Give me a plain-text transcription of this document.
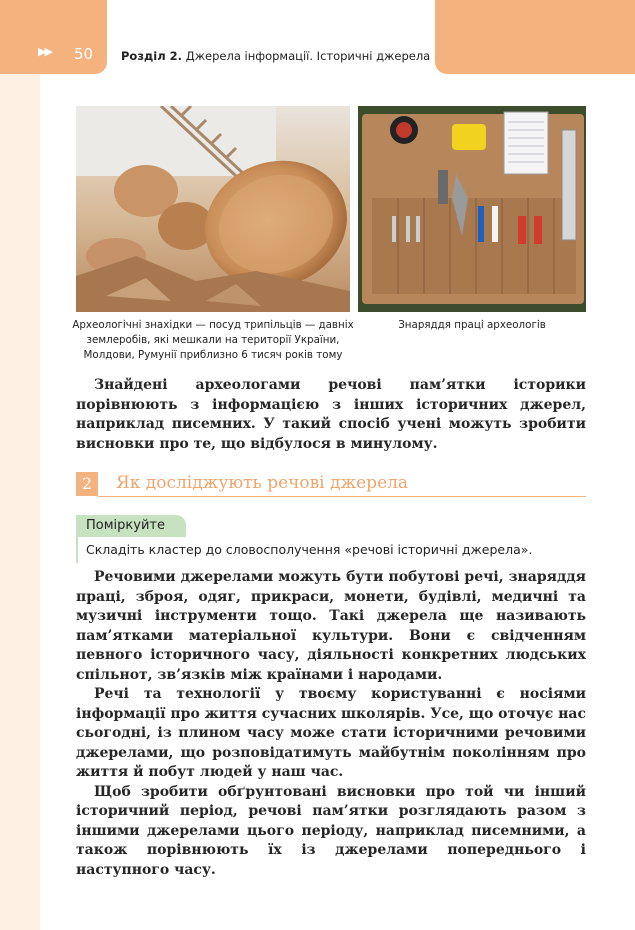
▶▶ 50 Розділ 2. Джерела інформації. Історичні джерела
Археологічні знахідки — посуд трипільців — давніх землеробів, які мешкали на території України, Молдови, Румунії приблизно 6 тисяч років тому
Знаряддя праці археологів

Знайдені археологами речові пам’ятки історики порівнюють з інформацією з інших історичних джерел, наприклад писемних. У такий спосіб учені можуть зробити висновки про те, що відбулося в минулому.

2	Як досліджують речові джерела
Поміркуйте
Складіть кластер до словосполучення «речові історичні джерела».

Речовими джерелами можуть бути побутові речі, знаряддя праці, зброя, одяг, прикраси, монети, будівлі, медичні та музичні інструменти тощо. Такі джерела ще називають пам’ятками матеріальної культури. Вони є свідченням певного історичного часу, діяльності конкретних людських спільнот, зв’язків між країнами і народами.

Речі та технології у твоєму користуванні є носіями інформації про життя сучасних школярів. Усе, що оточує нас сьогодні, із плином часу може стати історичними речовими джерелами, що розповідатимуть майбутнім поколінням про життя й побут людей у наш час.

Щоб зробити обґрунтовані висновки про той чи інший історичний період, речові пам’ятки розглядають разом з іншими джерелами цього періоду, наприклад писемними, а також порівнюють їх із джерелами попереднього і наступного часу.
